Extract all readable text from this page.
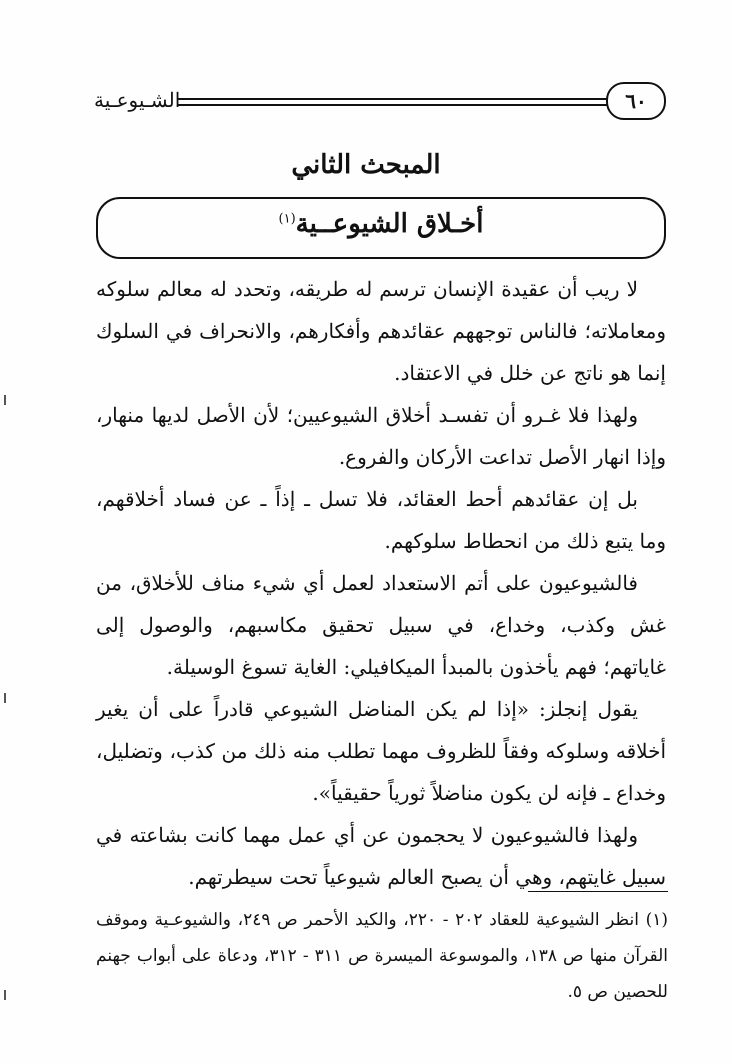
الشـيوعـية	٦٠
المبحث الثاني
أخـلاق الشيوعــية$^{(١)}$

لا ريب أن عقيدة الإنسان ترسم له طريقه، وتحدد له معالم سلوكه ومعاملاته؛ فالناس توجههم عقائدهم وأفكارهم، والانحراف في السلوك إنما هو ناتج عن خلل في الاعتقاد.

ولهذا فلا غـرو أن تفسـد أخلاق الشيوعيين؛ لأن الأصل لديها منهار، وإذا انهار الأصل تداعت الأركان والفروع.

بل إن عقائدهم أحط العقائد، فلا تسل ـ إذاً ـ عن فساد أخلاقهم، وما يتبع ذلك من انحطاط سلوكهم.

فالشيوعيون على أتم الاستعداد لعمل أي شيء مناف للأخلاق، من غش وكذب، وخداع، في سبيل تحقيق مكاسبهم، والوصول إلى غاياتهم؛ فهم يأخذون بالمبدأ الميكافيلي: الغاية تسوغ الوسيلة.

يقول إنجلز: «إذا لم يكن المناضل الشيوعي قادراً على أن يغير أخلاقه وسلوكه وفقاً للظروف مهما تطلب منه ذلك من كذب، وتضليل، وخداع ـ فإنه لن يكون مناضلاً ثورياً حقيقياً».

ولهذا فالشيوعيون لا يحجمون عن أي عمل مهما كانت بشاعته في سبيل غايتهم، وهي أن يصبح العالم شيوعياً تحت سيطرتهم.

(١) انظر الشيوعية للعقاد ٢٠٢ - ٢٢٠، والكيد الأحمر ص ٢٤٩، والشيوعـية وموقف القرآن منها ص ١٣٨، والموسوعة الميسرة ص ٣١١ - ٣١٢، ودعاة على أبواب جهنم للحصين ص ٥.
